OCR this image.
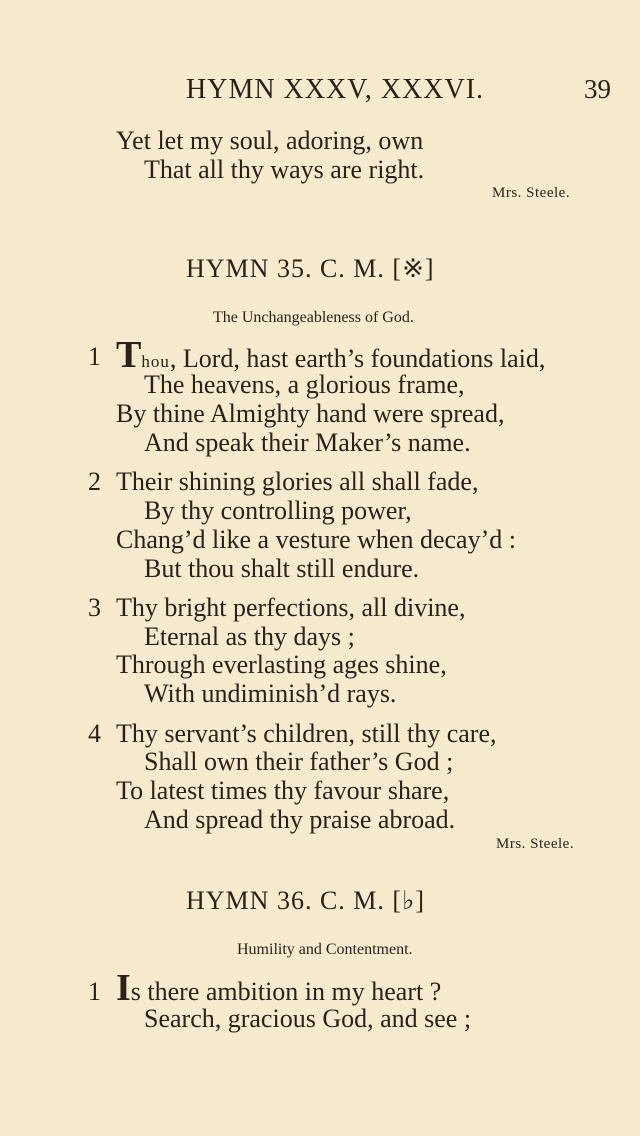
HYMN XXXV, XXXVI.	39
Yet let my soul, adoring, own
That all thy ways are right.
Mrs. Steele.
HYMN 35. C. M. [※]
The Unchangeableness of God.
1 Thou, Lord, hast earth’s foundations laid,
The heavens, a glorious frame,
By thine Almighty hand were spread,
And speak their Maker’s name.
2 Their shining glories all shall fade,
By thy controlling power,
Chang’d like a vesture when decay’d :
But thou shalt still endure.
3 Thy bright perfections, all divine,
Eternal as thy days ;
Through everlasting ages shine,
With undiminish’d rays.
4 Thy servant’s children, still thy care,
Shall own their father’s God ;
To latest times thy favour share,
And spread thy praise abroad.
Mrs. Steele.
HYMN 36. C. M. [♭]
Humility and Contentment.
1 Is there ambition in my heart ?
Search, gracious God, and see ;
